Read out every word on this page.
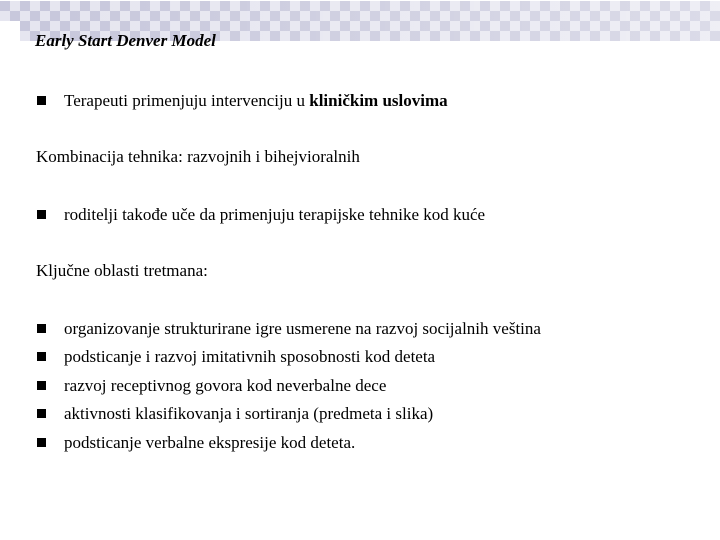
Early Start Denver Model
Terapeuti primenjuju intervenciju u kliničkim uslovima
Kombinacija tehnika: razvojnih i bihejvioralnih
roditelji takođe uče da primenjuju terapijske tehnike kod kuće
Ključne oblasti tretmana:
organizovanje strukturirane igre usmerene na razvoj socijalnih veština
podsticanje i razvoj imitativnih sposobnosti kod deteta
razvoj receptivnog govora kod neverbalne dece
aktivnosti klasifikovanja i sortiranja (predmeta i slika)
podsticanje verbalne ekspresije kod deteta.
